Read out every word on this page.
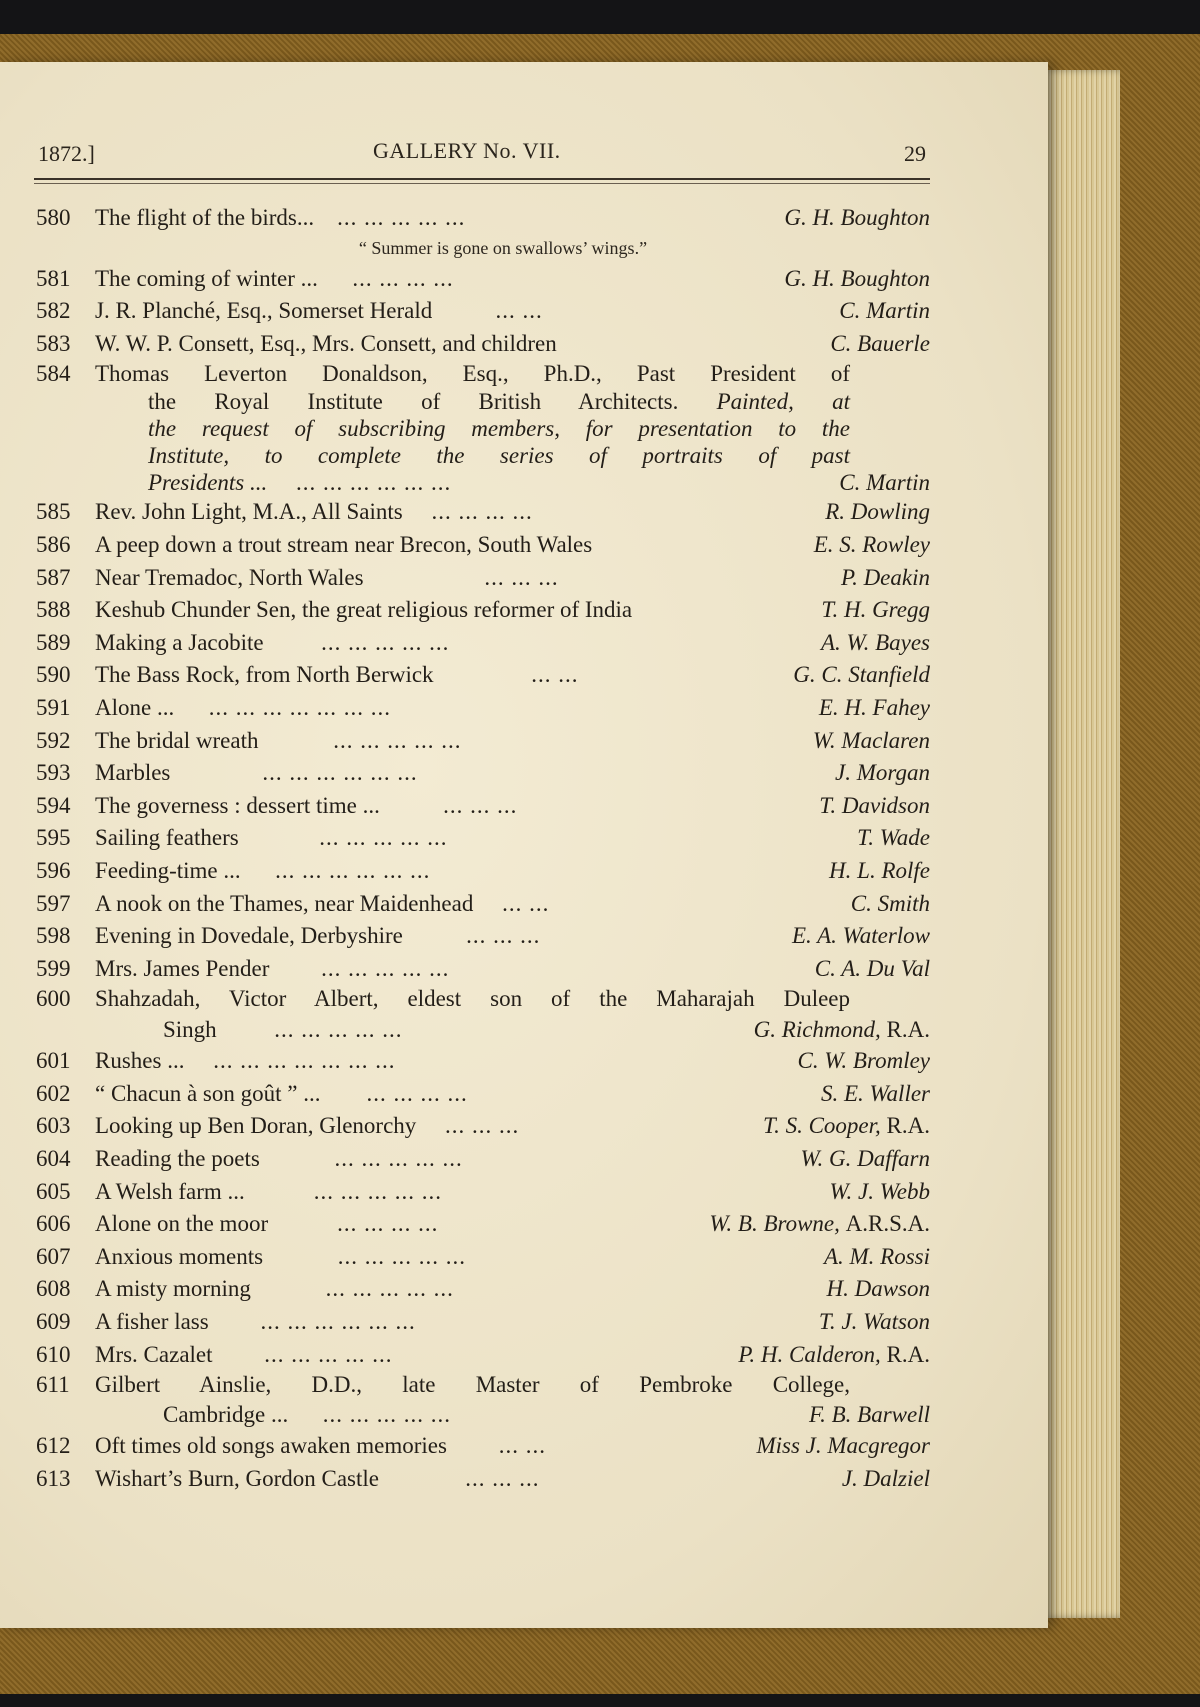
1872.]	GALLERY No. VII.	29
580	The flight of the birds... ... ... ... ... ...	G. H. Boughton
“ Summer is gone on swallows’ wings.”
581	The coming of winter ... ... ... ... ...	G. H. Boughton
582	J. R. Planché, Esq., Somerset Herald	... ...	C. Martin
583	W. W. P. Consett, Esq., Mrs. Consett, and children	C. Bauerle
584	Thomas Leverton Donaldson, Esq., Ph.D., Past President of
the Royal Institute of British Architects. Painted, at
the request of subscribing members, for presentation to the
Institute, to complete the series of portraits of past
Presidents ... ... ... ... ... ... ...	C. Martin
585	Rev. John Light, M.A., All Saints ... ... ... ...	R. Dowling
586	A peep down a trout stream near Brecon, South Wales	E. S. Rowley
587	Near Tremadoc, North Wales	... ... ...	P. Deakin
588	Keshub Chunder Sen, the great religious reformer of India	T. H. Gregg
589	Making a Jacobite	... ... ... ... ...	A. W. Bayes
590	The Bass Rock, from North Berwick	... ...	G. C. Stanfield
591	Alone ... ... ... ... ... ... ... ...	E. H. Fahey
592	The bridal wreath	... ... ... ... ...	W. Maclaren
593	Marbles	... ... ... ... ... ...	J. Morgan
594	The governess : dessert time ...	... ... ...	T. Davidson
595	Sailing feathers	... ... ... ... ...	T. Wade
596	Feeding-time ... ... ... ... ... ... ...	H. L. Rolfe
597	A nook on the Thames, near Maidenhead ... ...	C. Smith
598	Evening in Dovedale, Derbyshire	... ... ...	E. A. Waterlow
599	Mrs. James Pender ... ... ... ... ...	C. A. Du Val
600	Shahzadah, Victor Albert, eldest son of the Maharajah Duleep
Singh	... ... ... ... ...	G. Richmond, R.A.
601	Rushes ... ... ... ... ... ... ... ...	C. W. Bromley
602	“ Chacun à son goût ” ... ... ... ... ...	S. E. Waller
603	Looking up Ben Doran, Glenorchy ... ... ...	T. S. Cooper, R.A.
604	Reading the poets	... ... ... ... ...	W. G. Daffarn
605	A Welsh farm ...	... ... ... ... ...	W. J. Webb
606	Alone on the moor	... ... ... ...	W. B. Browne, A.R.S.A.
607	Anxious moments	... ... ... ... ...	A. M. Rossi
608	A misty morning	... ... ... ... ...	H. Dawson
609	A fisher lass ... ... ... ... ... ...	T. J. Watson
610	Mrs. Cazalet ... ... ... ... ...	P. H. Calderon, R.A.
611	Gilbert Ainslie, D.D., late Master of Pembroke College,
Cambridge ... ... ... ... ... ...	F. B. Barwell
612	Oft times old songs awaken memories ... ...	Miss J. Macgregor
613	Wishart’s Burn, Gordon Castle	... ... ...	J. Dalziel
